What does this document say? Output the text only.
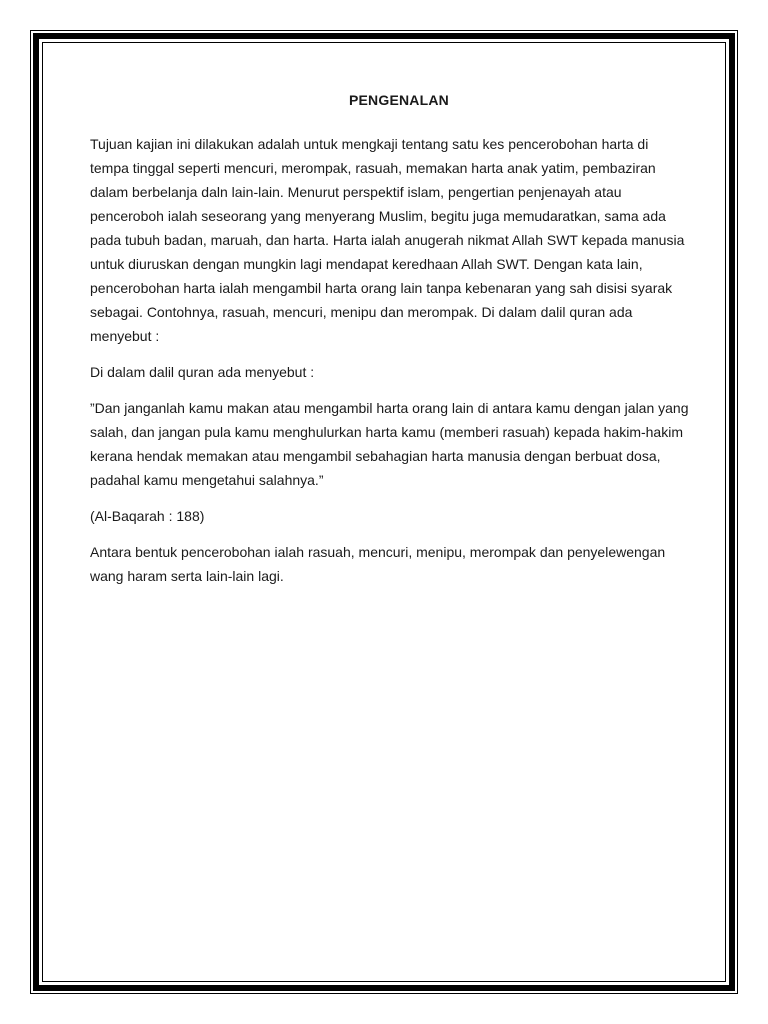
PENGENALAN

Tujuan kajian ini dilakukan adalah untuk mengkaji tentang satu kes pencerobohan harta di tempa tinggal seperti mencuri, merompak, rasuah, memakan harta anak yatim, pembaziran dalam berbelanja daln lain-lain. Menurut perspektif islam, pengertian penjenayah atau penceroboh ialah seseorang yang menyerang Muslim, begitu juga memudaratkan, sama ada pada tubuh badan, maruah, dan harta. Harta ialah anugerah nikmat Allah SWT kepada manusia untuk diuruskan dengan mungkin lagi mendapat keredhaan Allah SWT. Dengan kata lain, pencerobohan harta ialah mengambil harta orang lain tanpa kebenaran yang sah disisi syarak sebagai. Contohnya, rasuah, mencuri, menipu dan merompak. Di dalam dalil quran ada menyebut :

Di dalam dalil quran ada menyebut :

”Dan janganlah kamu makan atau mengambil harta orang lain di antara kamu dengan jalan yang salah, dan jangan pula kamu menghulurkan harta kamu (memberi rasuah) kepada hakim-hakim kerana hendak memakan atau mengambil sebahagian harta manusia dengan berbuat dosa, padahal kamu mengetahui salahnya.”

(Al-Baqarah : 188)

Antara bentuk pencerobohan ialah rasuah, mencuri, menipu, merompak dan penyelewengan wang haram serta lain-lain lagi.
